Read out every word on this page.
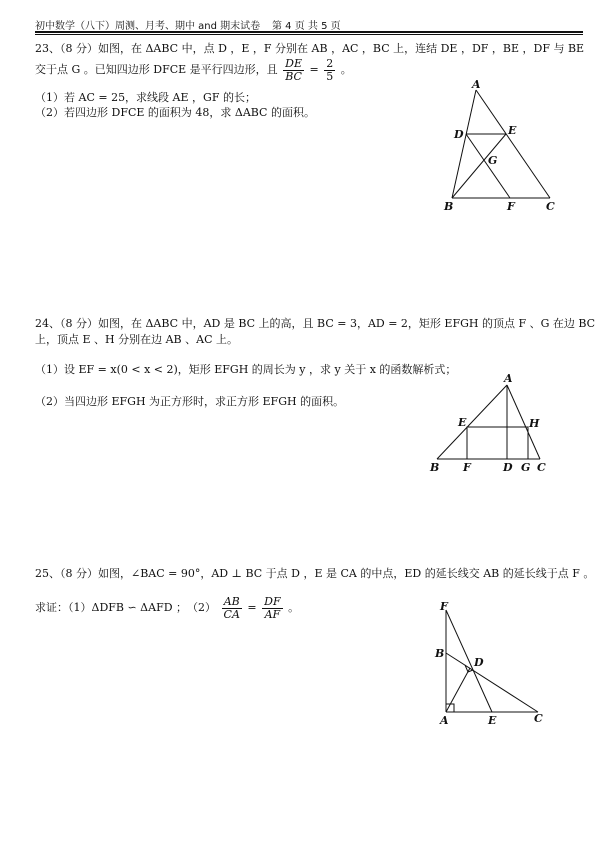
初中数学（八下）周测、月考、期中 and 期末试卷 第 4 页 共 5 页
23、（8 分）如图，在 ΔABC 中，点 D ，E ，F 分别在 AB ，AC ，BC 上，连结 DE ，DF ，BE ，DF 与 BE
交于点 G 。已知四边形 DFCE 是平行四边形，且 $\frac{DE}{BC} = \frac{2}{5}$ 。
（1）若 AC = 25，求线段 AE ，GF 的长；
（2）若四边形 DFCE 的面积为 48，求 ΔABC 的面积。
A
B	C
D	E
F
G
24、（8 分）如图，在 ΔABC 中，AD 是 BC 上的高，且 BC = 3，AD = 2，矩形 EFGH 的顶点 F 、G 在边 BC
上，顶点 E 、H 分别在边 AB 、AC 上。
（1）设 EF = x(0 < x < 2)，矩形 EFGH 的周长为 y ，求 y 关于 x 的函数解析式；
（2）当四边形 EFGH 为正方形时，求正方形 EFGH 的面积。
A
B	C
D
E
F	G
H
25、（8 分）如图，∠BAC = 90°，AD ⊥ BC 于点 D ，E 是 CA 的中点，ED 的延长线交 AB 的延长线于点 F 。
求证：（1）ΔDFB ∽ ΔAFD ；　$(2) \frac{AB}{CA} = \frac{DF}{AF}$ 。	F
B
D
A	E	C
